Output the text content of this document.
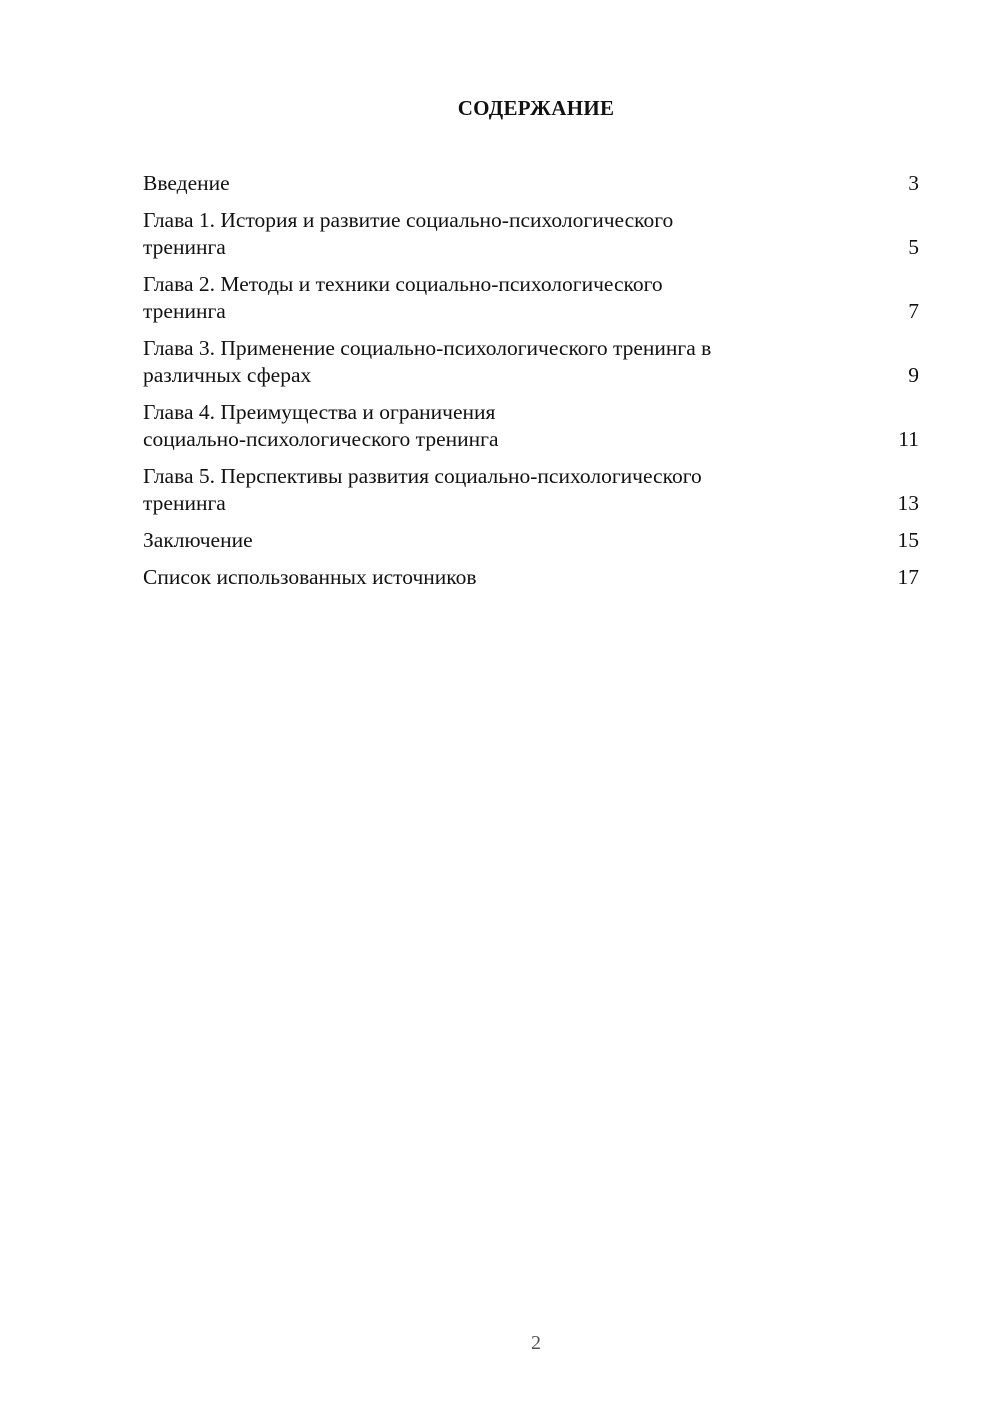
СОДЕРЖАНИЕ
Введение	3
Глава 1. История и развитие социально-психологического
тренинга	5
Глава 2. Методы и техники социально-психологического
тренинга	7
Глава 3. Применение социально-психологического тренинга в
различных сферах	9
Глава 4. Преимущества и ограничения
социально-психологического тренинга	11
Глава 5. Перспективы развития социально-психологического
тренинга	13
Заключение	15
Список использованных источников	17
2
